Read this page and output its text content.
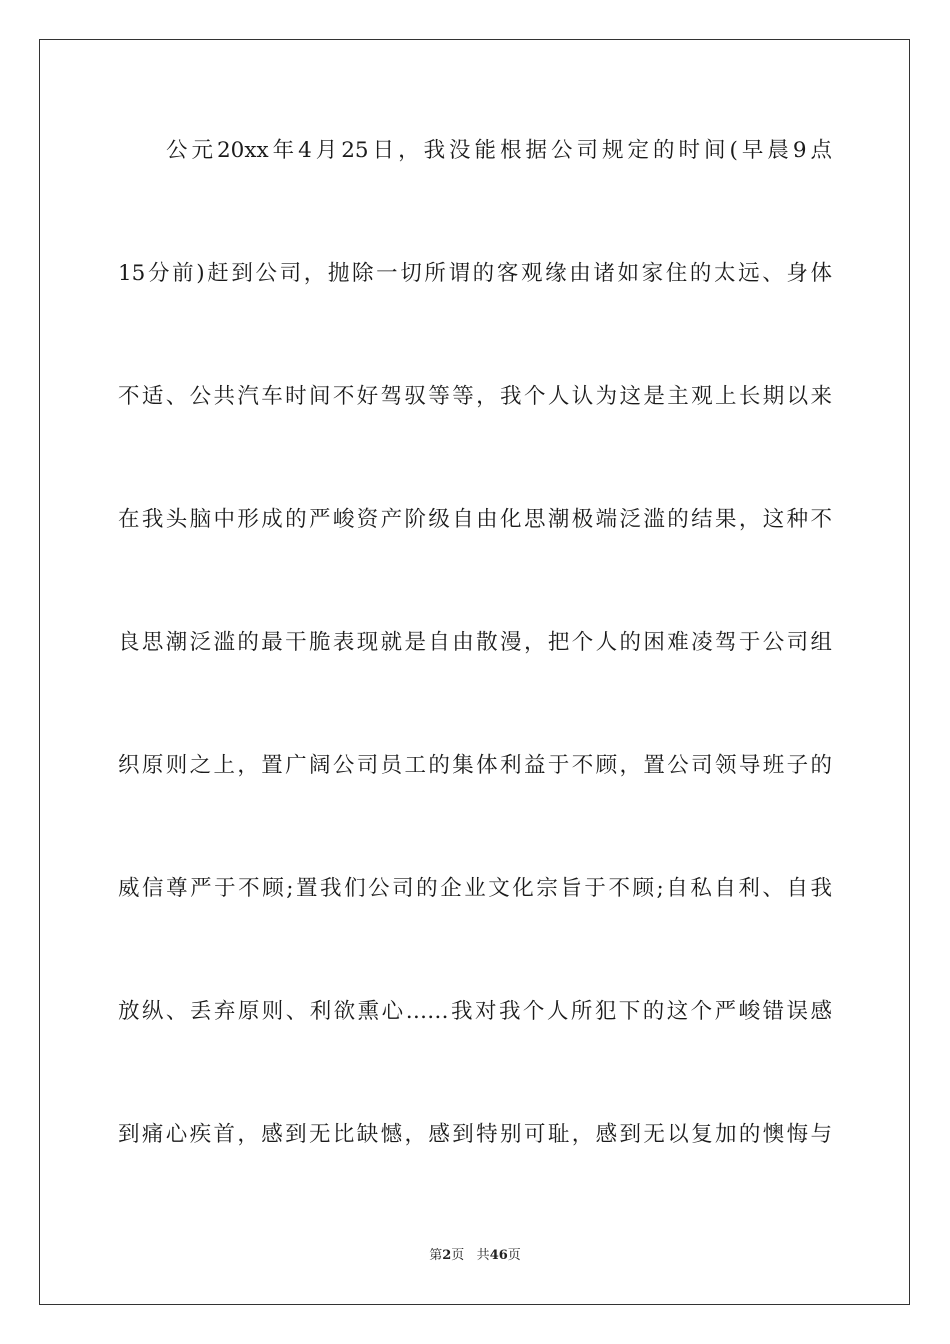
公元20xx年4月25日，我没能根据公司规定的时间(早晨9点
15分前)赶到公司，抛除一切所谓的客观缘由诸如家住的太远、身体
不适、公共汽车时间不好驾驭等等，我个人认为这是主观上长期以来
在我头脑中形成的严峻资产阶级自由化思潮极端泛滥的结果，这种不
良思潮泛滥的最干脆表现就是自由散漫，把个人的困难凌驾于公司组
织原则之上，置广阔公司员工的集体利益于不顾，置公司领导班子的
威信尊严于不顾;置我们公司的企业文化宗旨于不顾;自私自利、自我
放纵、丢弃原则、利欲熏心……我对我个人所犯下的这个严峻错误感
到痛心疾首，感到无比缺憾，感到特别可耻，感到无以复加的懊悔与
第2页 共46页
